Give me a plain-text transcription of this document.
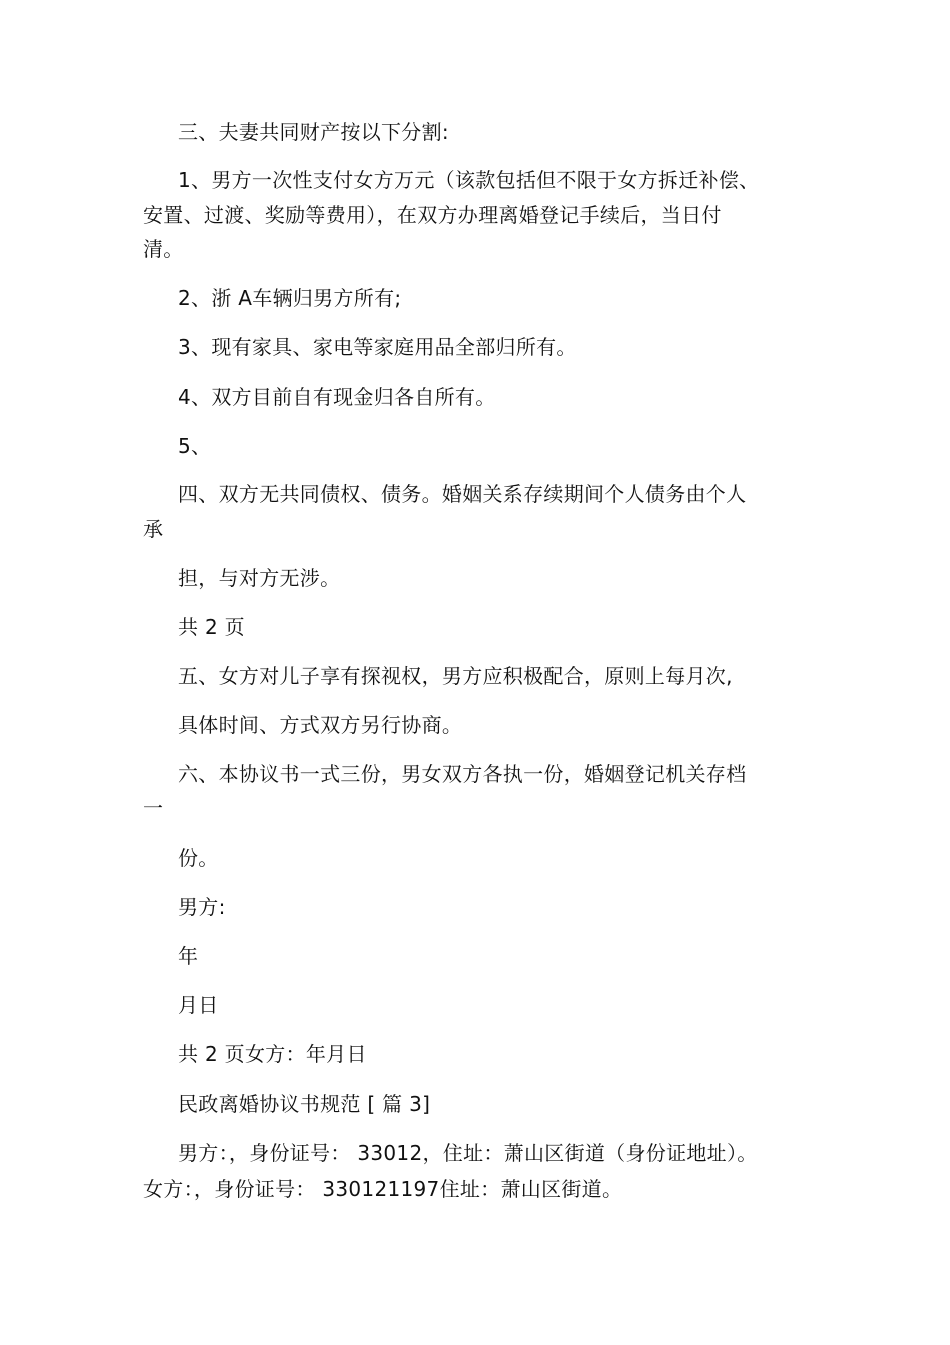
三、夫妻共同财产按以下分割:
1、男方一次性支付女方万元（该款包括但不限于女方拆迁补偿、
安置、过渡、奖励等费用），在双方办理离婚登记手续后，当日付
清。
2、浙 A车辆归男方所有;
3、现有家具、家电等家庭用品全部归所有。
4、双方目前自有现金归各自所有。
5、
四、双方无共同债权、债务。婚姻关系存续期间个人债务由个人
承
担，与对方无涉。
共 2 页
五、女方对儿子享有探视权，男方应积极配合，原则上每月次,
具体时间、方式双方另行协商。
六、本协议书一式三份，男女双方各执一份，婚姻登记机关存档
一
份。
男方:
年
月日
共 2 页女方：年月日
民政离婚协议书规范 [ 篇 3]
男方：，身份证号： 33012，住址：萧山区街道（身份证地址）。
女方：，身份证号： 330121197住址：萧山区街道。
